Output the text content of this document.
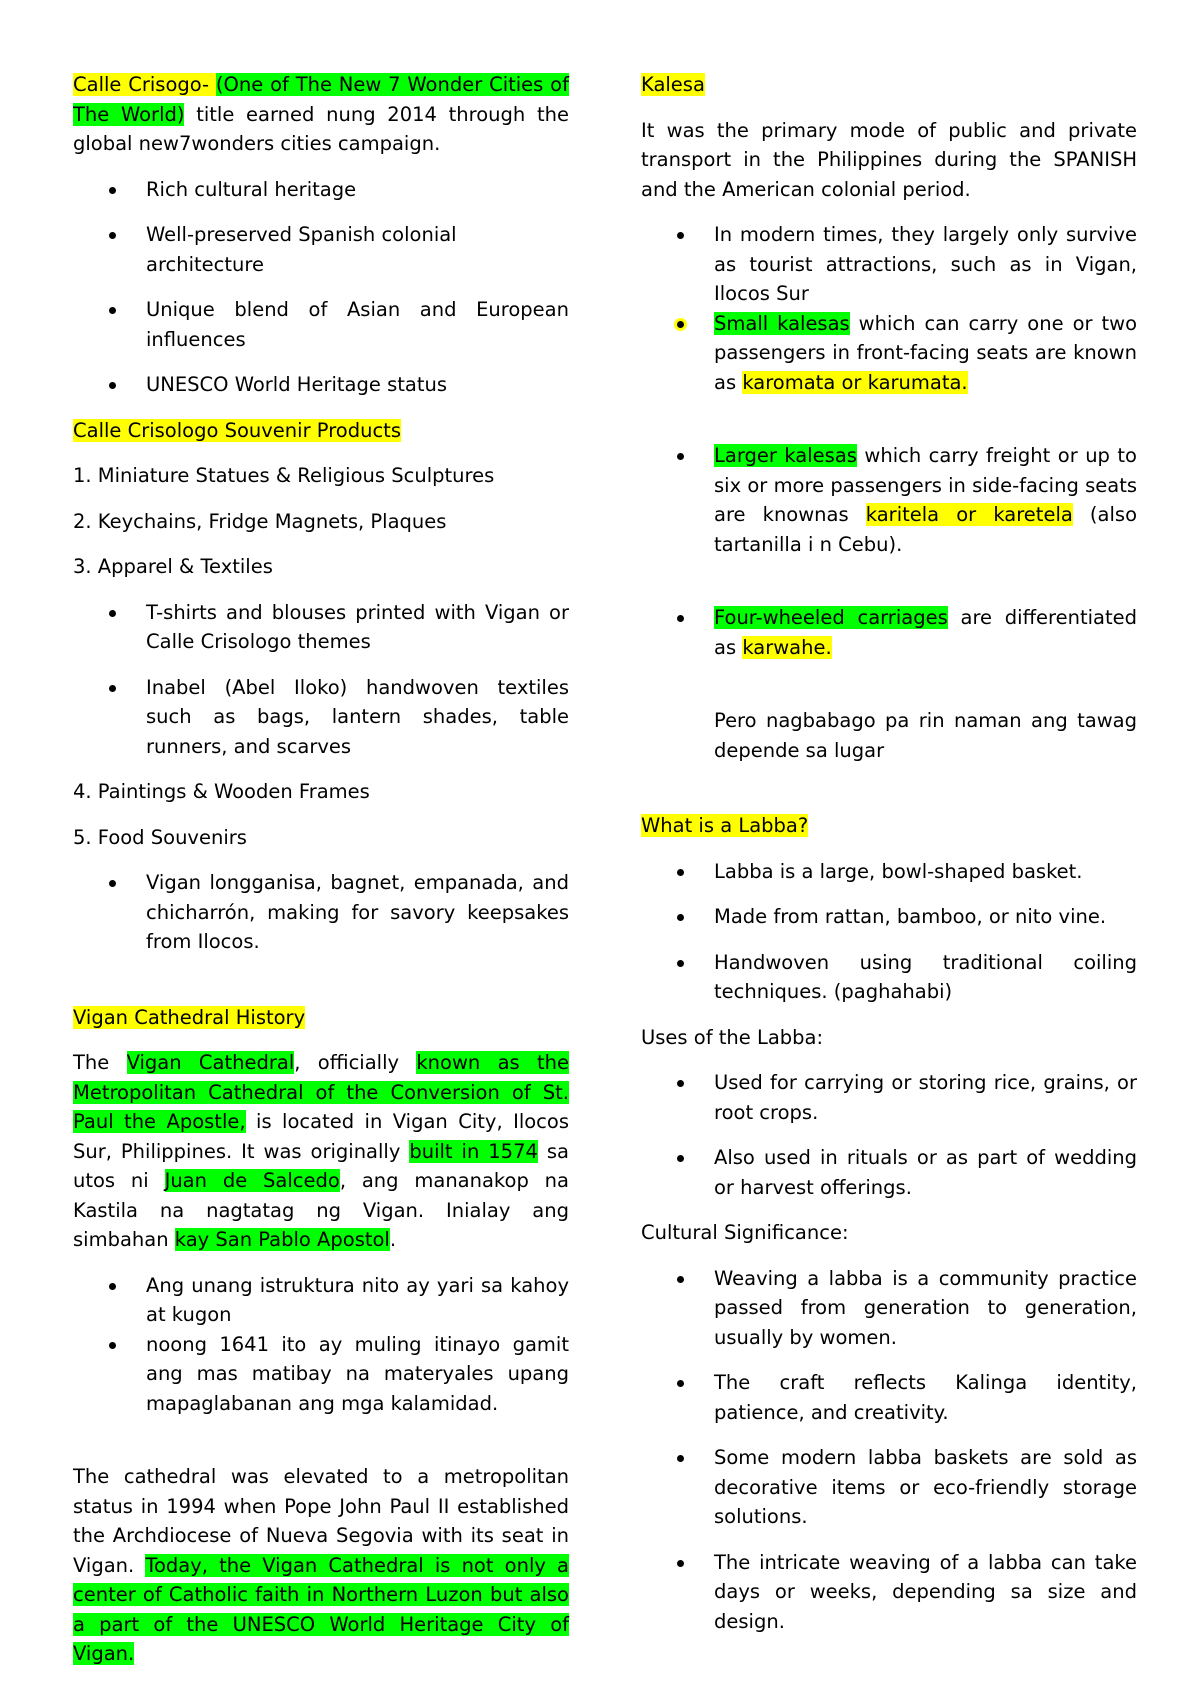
Calle Crisogo- (One of The New 7 Wonder Cities of The World) title earned nung 2014 through the global new7wonders cities campaign.

Rich cultural heritage
Well-preserved Spanish colonial architecture
Unique blend of Asian and European influences
UNESCO World Heritage status

Calle Crisologo Souvenir Products

1. Miniature Statues & Religious Sculptures

2. Keychains, Fridge Magnets, Plaques

3. Apparel & Textiles

T-shirts and blouses printed with Vigan or Calle Crisologo themes
Inabel (Abel Iloko) handwoven textiles such as bags, lantern shades, table runners, and scarves

4. Paintings & Wooden Frames

5. Food Souvenirs

Vigan longganisa, bagnet, empanada, and chicharrón, making for savory keepsakes from Ilocos.

Vigan Cathedral History

The Vigan Cathedral, officially known as the Metropolitan Cathedral of the Conversion of St. Paul the Apostle, is located in Vigan City, Ilocos Sur, Philippines. It was originally built in 1574 sa utos ni Juan de Salcedo, ang mananakop na Kastila na nagtatag ng Vigan. Inialay ang simbahan kay San Pablo Apostol.

Ang unang istruktura nito ay yari sa kahoy at kugon
noong 1641 ito ay muling itinayo gamit ang mas matibay na materyales upang mapaglabanan ang mga kalamidad.

The cathedral was elevated to a metropolitan status in 1994 when Pope John Paul II established the Archdiocese of Nueva Segovia with its seat in Vigan. Today, the Vigan Cathedral is not only a center of Catholic faith in Northern Luzon but also a part of the UNESCO World Heritage City of Vigan.

Kalesa

It was the primary mode of public and private transport in the Philippines during the SPANISH and the American colonial period.

In modern times, they largely only survive as tourist attractions, such as in Vigan, Ilocos Sur
Small kalesas which can carry one or two passengers in front-facing seats are known as karomata or karumata.
Larger kalesas which carry freight or up to six or more passengers in side-facing seats are knownas karitela or karetela (also tartanilla i n Cebu).
Four-wheeled carriages are differentiated as karwahe.

Pero nagbabago pa rin naman ang tawag depende sa lugar

What is a Labba?

Labba is a large, bowl-shaped basket.
Made from rattan, bamboo, or nito vine.
Handwoven using traditional coiling techniques. (paghahabi)

Uses of the Labba:

Used for carrying or storing rice, grains, or root crops.
Also used in rituals or as part of wedding or harvest offerings.

Cultural Significance:

Weaving a labba is a community practice passed from generation to generation, usually by women.
The craft reflects Kalinga identity, patience, and creativity.
Some modern labba baskets are sold as decorative items or eco-friendly storage solutions.
The intricate weaving of a labba can take days or weeks, depending sa size and design.
